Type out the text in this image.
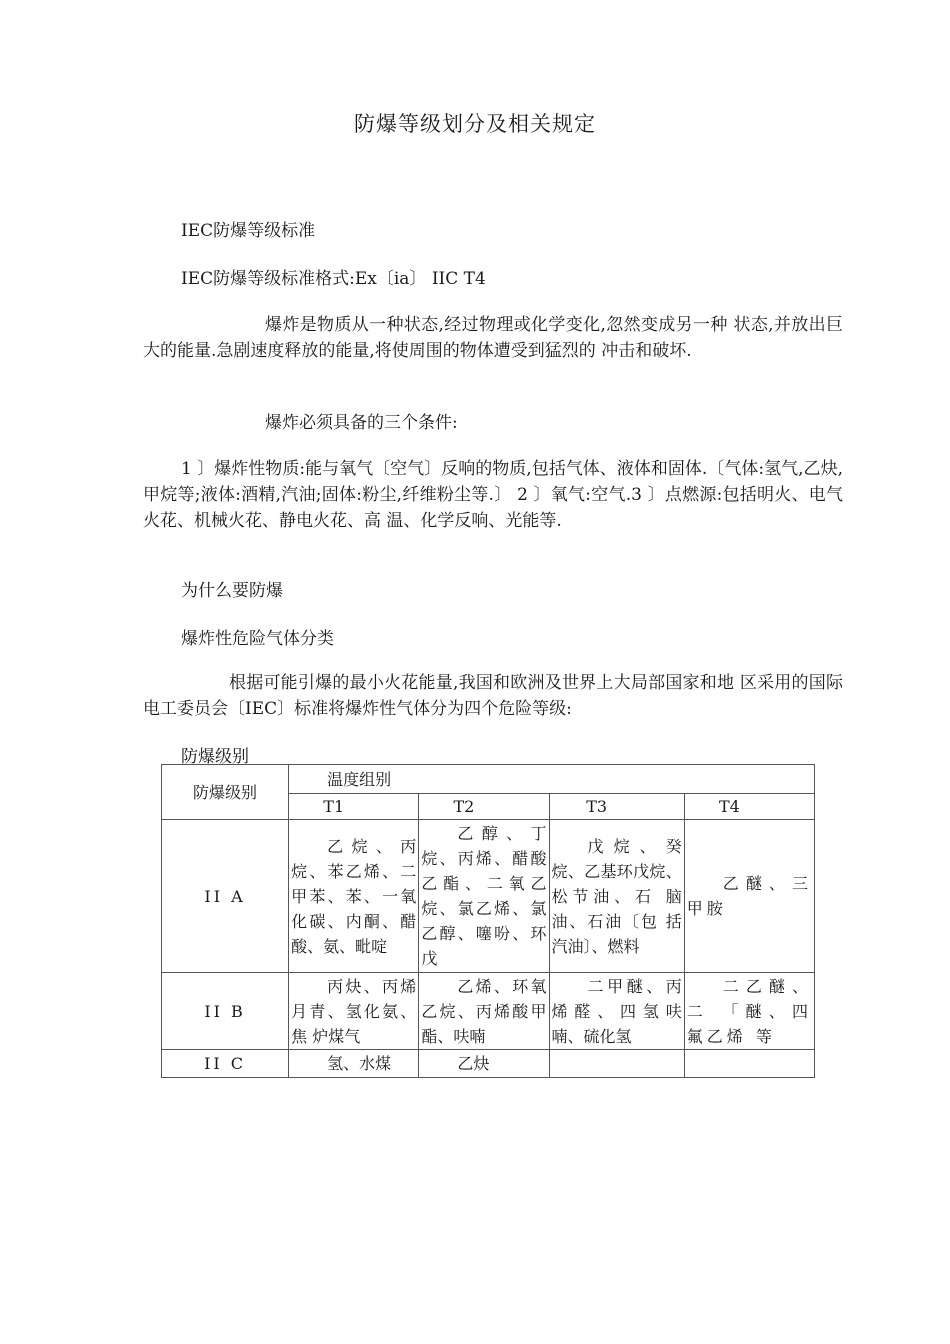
防爆等级划分及相关规定
IEC防爆等级标准
IEC防爆等级标准格式:Ex〔ia〕 IIC T4
爆炸是物质从一种状态,经过物理或化学变化,忽然变成另一种 状态,并放出巨大的能量.急剧速度释放的能量,将使周围的物体遭受到猛烈的 冲击和破坏.
爆炸必须具备的三个条件:
1 〕爆炸性物质:能与氧气〔空气〕反响的物质,包括气体、液体和固体.〔气体:氢气,乙炔,甲烷等;液体:酒精,汽油;固体:粉尘,纤维粉尘等.〕 2 〕氧气:空气.3 〕点燃源:包括明火、电气火花、机械火花、静电火花、高 温、化学反响、光能等.
为什么要防爆
爆炸性危险气体分类
根据可能引爆的最小火花能量,我国和欧洲及世界上大局部国家和地 区采用的国际电工委员会〔IEC〕标准将爆炸性气体分为四个危险等级:
防爆级别
防爆级别	温度组别			
	T1	T2	T3	T4
II A	乙烷、丙烷、苯乙烯、二 甲苯、苯、一氧 化碳、内酮、醋 酸、氨、毗啶	乙醇、丁烷、丙烯、醋酸 乙酯、二氧乙 烷、氯乙烯、氯 乙醇、噻吩、环 戊	戊烷、癸烷、乙基环戊烷、松节油、石 脑油、石油〔包 括汽油〕、燃料	乙醚、三甲胺
II B	丙炔、丙烯 月青、氢化氨、焦 炉煤气	乙烯、环氧 乙烷、丙烯酸甲 酯、呋喃	二甲醚、丙 烯醛、四氢呋 喃、硫化氢	二乙醚、二 「醚、四氟乙烯 等
II C	氢、水煤	乙炔		
